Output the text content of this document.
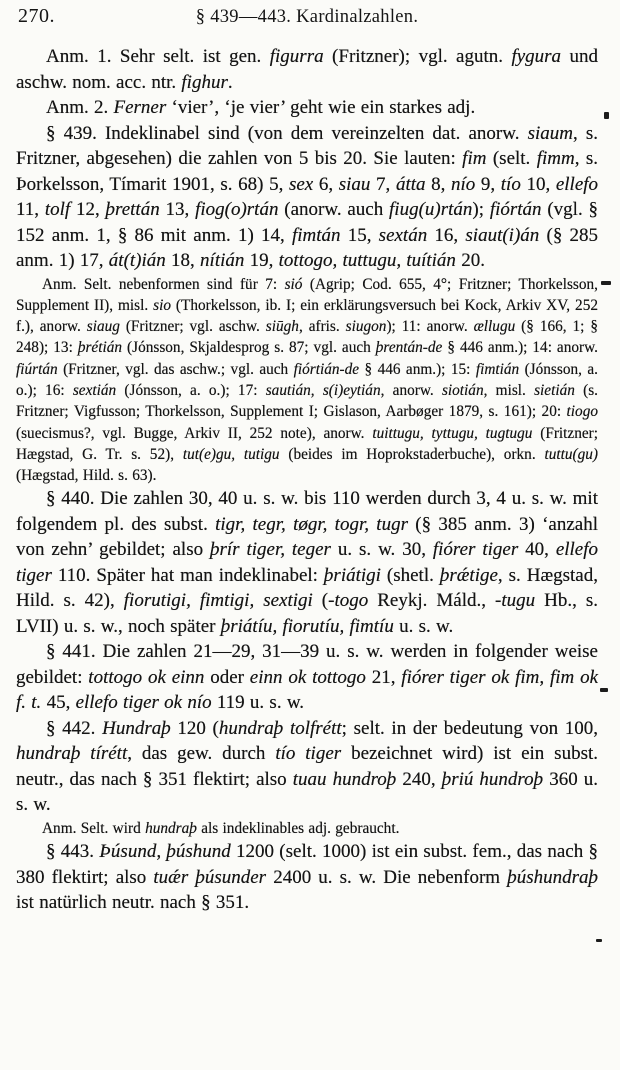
270.	§ 439—443. Kardinalzahlen.

Anm. 1. Sehr selt. ist gen. figurra (Fritzner); vgl. agutn. fygura und aschw. nom. acc. ntr. fighur.

Anm. 2. Ferner ‘vier’, ‘je vier’ geht wie ein starkes adj.

§ 439. Indeklinabel sind (von dem vereinzelten dat. anorw. siaum, s. Fritzner, abgesehen) die zahlen von 5 bis 20. Sie lauten: fim (selt. fimm, s. Þorkelsson, Tímarit 1901, s. 68) 5, sex 6, siau 7, átta 8, nío 9, tío 10, ellefo 11, tolf 12, þrettán 13, fiog(o)rtán (anorw. auch fiug(u)rtán); fiórtán (vgl. § 152 anm. 1, § 86 mit anm. 1) 14, fimtán 15, sextán 16, siaut(i)án (§ 285 anm. 1) 17, át(t)ián 18, nítián 19, tottogo, tuttugu, tuítián 20.

Anm. Selt. nebenformen sind für 7: sió (Agrip; Cod. 655, 4°; Fritzner; Thorkelsson, Supplement II), misl. sio (Thorkelsson, ib. I; ein erklärungsversuch bei Kock, Arkiv XV, 252 f.), anorw. siaug (Fritzner; vgl. aschw. siūgh, afris. siugon); 11: anorw. ællugu (§ 166, 1; § 248); 13: þrétián (Jónsson, Skjaldesprog s. 87; vgl. auch þrentán-de § 446 anm.); 14: anorw. fiúrtán (Fritzner, vgl. das aschw.; vgl. auch fiórtián-de § 446 anm.); 15: fimtián (Jónsson, a. o.); 16: sextián (Jónsson, a. o.); 17: sautián, s(i)eytián, anorw. siotián, misl. sietián (s. Fritzner; Vigfusson; Thorkelsson, Supplement I; Gislason, Aarbøger 1879, s. 161); 20: tiogo (suecismus?, vgl. Bugge, Arkiv II, 252 note), anorw. tuittugu, tyttugu, tugtugu (Fritzner; Hægstad, G. Tr. s. 52), tut(e)gu, tutigu (beides im Hoprokstaderbuche), orkn. tuttu(gu) (Hægstad, Hild. s. 63).

§ 440. Die zahlen 30, 40 u. s. w. bis 110 werden durch 3, 4 u. s. w. mit folgendem pl. des subst. tigr, tegr, tøgr, togr, tugr (§ 385 anm. 3) ‘anzahl von zehn’ gebildet; also þrír tiger, teger u. s. w. 30, fiórer tiger 40, ellefo tiger 110. Später hat man indeklinabel: þriátigi (shetl. þrǽtige, s. Hægstad, Hild. s. 42), fiorutigi, fimtigi, sextigi (-togo Reykj. Máld., -tugu Hb., s. LVII) u. s. w., noch später þriátíu, fiorutíu, fimtíu u. s. w.

§ 441. Die zahlen 21—29, 31—39 u. s. w. werden in folgender weise gebildet: tottogo ok einn oder einn ok tottogo 21, fiórer tiger ok fim, fim ok f. t. 45, ellefo tiger ok nío 119 u. s. w.

§ 442. Hundraþ 120 (hundraþ tolfrétt; selt. in der bedeutung von 100, hundraþ tírétt, das gew. durch tío tiger bezeichnet wird) ist ein subst. neutr., das nach § 351 flektirt; also tuau hundroþ 240, þriú hundroþ 360 u. s. w.

Anm. Selt. wird hundraþ als indeklinables adj. gebraucht.

§ 443. Þúsund, þúshund 1200 (selt. 1000) ist ein subst. fem., das nach § 380 flektirt; also tuǽr þúsunder 2400 u. s. w. Die nebenform þúshundraþ ist natürlich neutr. nach § 351.
